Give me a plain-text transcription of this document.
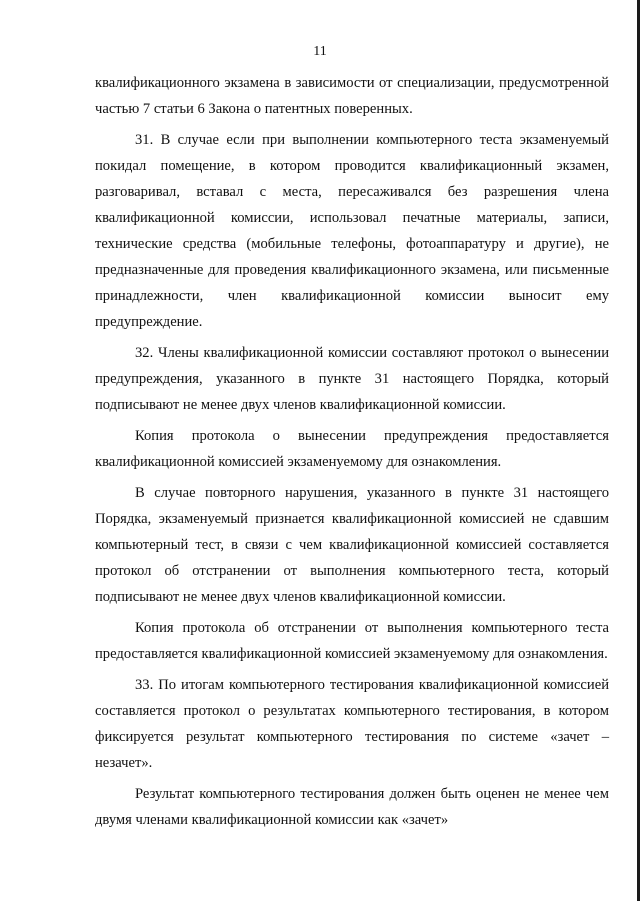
11

квалификационного экзамена в зависимости от специализации, предусмотренной частью 7 статьи 6 Закона о патентных поверенных.

31. В случае если при выполнении компьютерного теста экзаменуемый покидал помещение, в котором проводится квалификационный экзамен, разговаривал, вставал с места, пересаживался без разрешения члена квалификационной комиссии, использовал печатные материалы, записи, технические средства (мобильные телефоны, фотоаппаратуру и другие), не предназначенные для проведения квалификационного экзамена, или письменные принадлежности, член квалификационной комиссии выносит ему предупреждение.

32. Члены квалификационной комиссии составляют протокол о вынесении предупреждения, указанного в пункте 31 настоящего Порядка, который подписывают не менее двух членов квалификационной комиссии.

Копия протокола о вынесении предупреждения предоставляется квалификационной комиссией экзаменуемому для ознакомления.

В случае повторного нарушения, указанного в пункте 31 настоящего Порядка, экзаменуемый признается квалификационной комиссией не сдавшим компьютерный тест, в связи с чем квалификационной комиссией составляется протокол об отстранении от выполнения компьютерного теста, который подписывают не менее двух членов квалификационной комиссии.

Копия протокола об отстранении от выполнения компьютерного теста предоставляется квалификационной комиссией экзаменуемому для ознакомления.

33. По итогам компьютерного тестирования квалификационной комиссией составляется протокол о результатах компьютерного тестирования, в котором фиксируется результат компьютерного тестирования по системе «зачет – незачет».

Результат компьютерного тестирования должен быть оценен не менее чем двумя членами квалификационной комиссии как «зачет»
